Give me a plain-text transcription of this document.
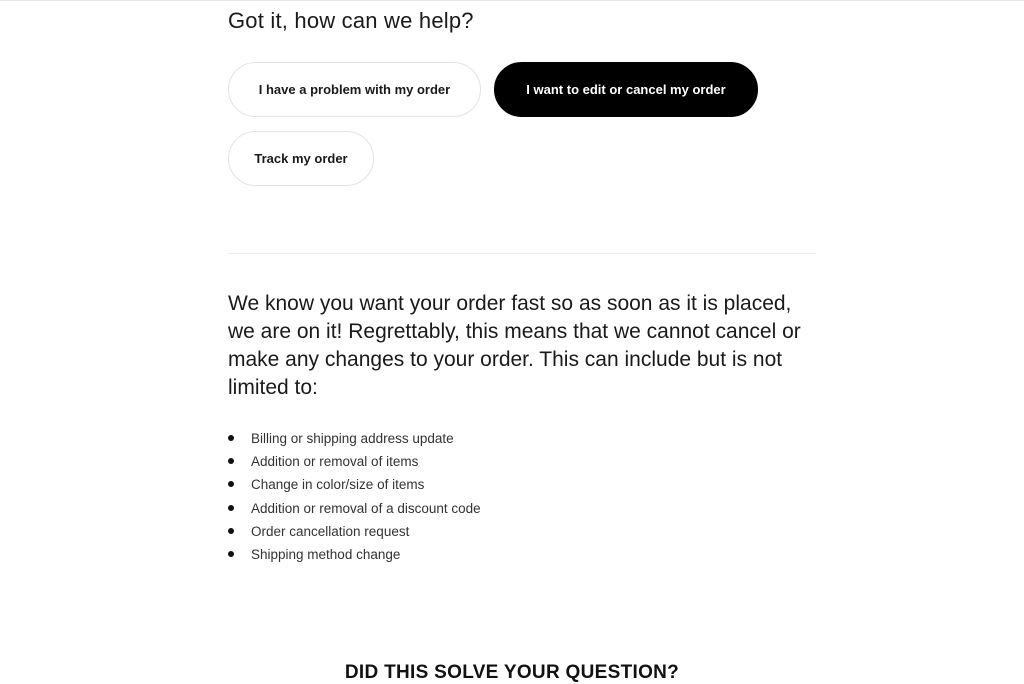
Got it, how can we help?
I have a problem with my order	I want to edit or cancel my order
Track my order

We know you want your order fast so as soon as it is placed, we are on it! Regrettably, this means that we cannot cancel or make any changes to your order. This can include but is not limited to:

Billing or shipping address update
Addition or removal of items
Change in color/size of items
Addition or removal of a discount code
Order cancellation request
Shipping method change
DID THIS SOLVE YOUR QUESTION?
